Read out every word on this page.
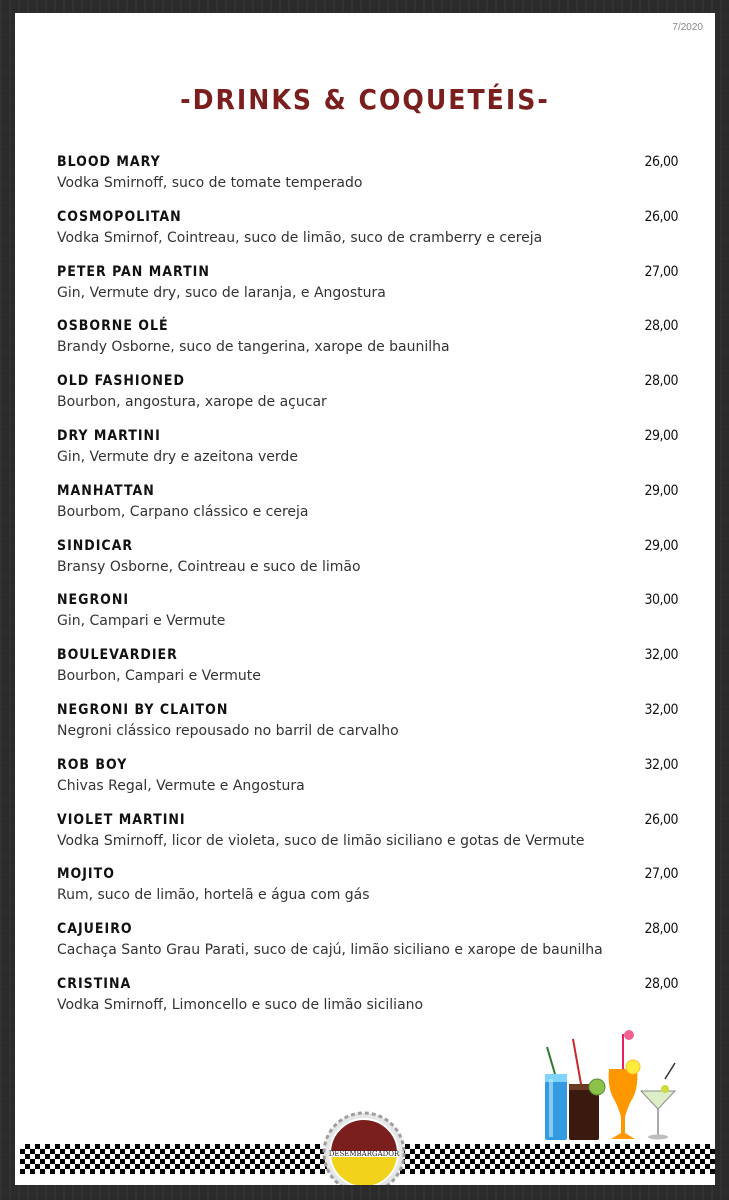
7/2020
-DRINKS & COQUETÉIS-
BLOOD MARY	26,00
Vodka Smirnoff, suco de tomate temperado
COSMOPOLITAN	26,00
Vodka Smirnof, Cointreau, suco de limão, suco de cramberry e cereja
PETER PAN MARTIN	27,00
Gin, Vermute dry, suco de laranja, e Angostura
OSBORNE OLÉ	28,00
Brandy Osborne, suco de tangerina, xarope de baunilha
OLD FASHIONED	28,00
Bourbon, angostura, xarope de açucar
DRY MARTINI	29,00
Gin, Vermute dry e azeitona verde
MANHATTAN	29,00
Bourbom, Carpano clássico e cereja
SINDICAR	29,00
Bransy Osborne, Cointreau e suco de limão
NEGRONI	30,00
Gin, Campari e Vermute
BOULEVARDIER	32,00
Bourbon, Campari e Vermute
NEGRONI BY CLAITON	32,00
Negroni clássico repousado no barril de carvalho
ROB BOY	32,00
Chivas Regal, Vermute e Angostura
VIOLET MARTINI	26,00
Vodka Smirnoff, licor de violeta, suco de limão siciliano e gotas de Vermute
MOJITO	27,00
Rum, suco de limão, hortelã e água com gás
CAJUEIRO	28,00
Cachaça Santo Grau Parati, suco de cajú, limão siciliano e xarope de baunilha
CRISTINA	28,00
Vodka Smirnoff, Limoncello e suco de limão siciliano
DESEMBARGADOR
